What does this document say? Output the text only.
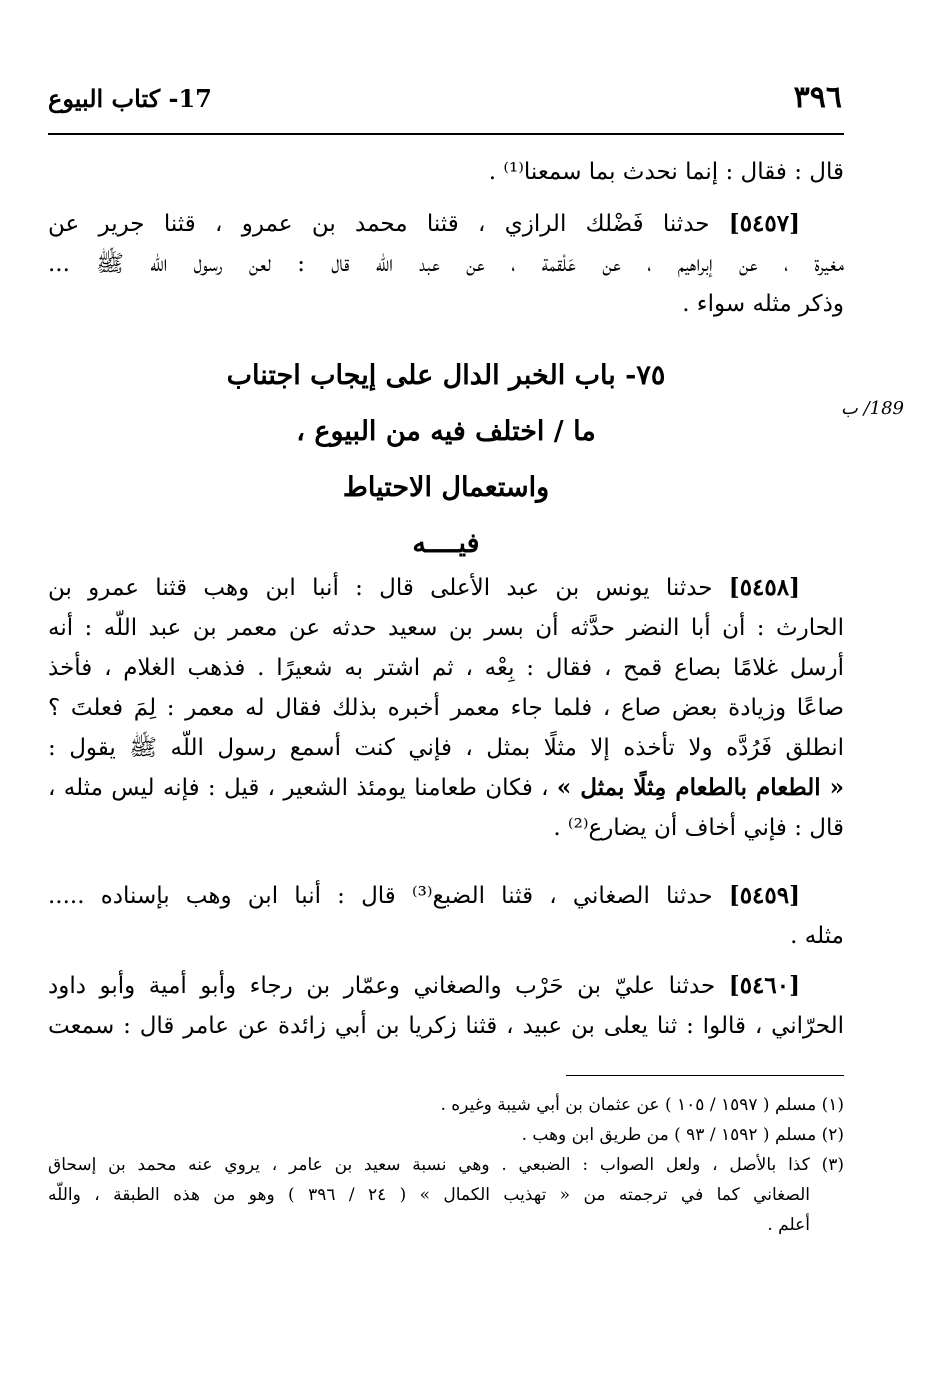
٣٩٦
17- كتاب البيوع
قال : فقال : إنما نحدث بما سمعنا⁽¹⁾ .
[٥٤٥٧] حدثنا فَضْلك الرازي ، قثنا محمد بن عمرو ، قثنا جرير عن
مغيرة ، عن إبراهيم ، عن عَلْقمة ، عن عبد اللّه قال : لعن رسول اللّه ﷺ ...
وذكر مثله سواء .
٧٥- باب الخبر الدال على إيجاب اجتناب
ما / اختلف فيه من البيوع ،
واستعمال الاحتياط
فيــــه
189/ ب
[٥٤٥٨] حدثنا يونس بن عبد الأعلى قال : أنبا ابن وهب قثنا عمرو بن
الحارث : أن أبا النضر حدَّثه أن بسر بن سعيد حدثه عن معمر بن عبد اللّه : أنه
أرسل غلامًا بصاع قمح ، فقال : بِعْه ، ثم اشتر به شعيرًا . فذهب الغلام ، فأخذ
صاعًا وزيادة بعض صاع ، فلما جاء معمر أخبره بذلك فقال له معمر : لِمَ فعلتَ ؟
انطلق فَرُدَّه ولا تأخذه إلا مثلًا بمثل ، فإني كنت أسمع رسول اللّه ﷺ يقول :
« الطعام بالطعام مِثلًا بمثل » ، فكان طعامنا يومئذ الشعير ، قيل : فإنه ليس مثله ،
قال : فإني أخاف أن يضارع⁽²⁾ .
[٥٤٥٩] حدثنا الصغاني ، قثنا الضبع⁽³⁾ قال : أنبا ابن وهب بإسناده .....
مثله .
[٥٤٦٠] حدثنا عليّ بن حَرْب والصغاني وعمّار بن رجاء وأبو أمية وأبو داود
الحرّاني ، قالوا : ثنا يعلى بن عبيد ، قثنا زكريا بن أبي زائدة عن عامر قال : سمعت
(١) مسلم ( ١٥٩٧ / ١٠٥ ) عن عثمان بن أبي شيبة وغيره .
(٢) مسلم ( ١٥٩٢ / ٩٣ ) من طريق ابن وهب .
(٣) كذا بالأصل ، ولعل الصواب : الضبعي . وهي نسبة سعيد بن عامر ، يروي عنه محمد بن إسحاق
الصغاني كما في ترجمته من « تهذيب الكمال » ( ٢٤ / ٣٩٦ ) وهو من هذه الطبقة ، واللّه
أعلم .
